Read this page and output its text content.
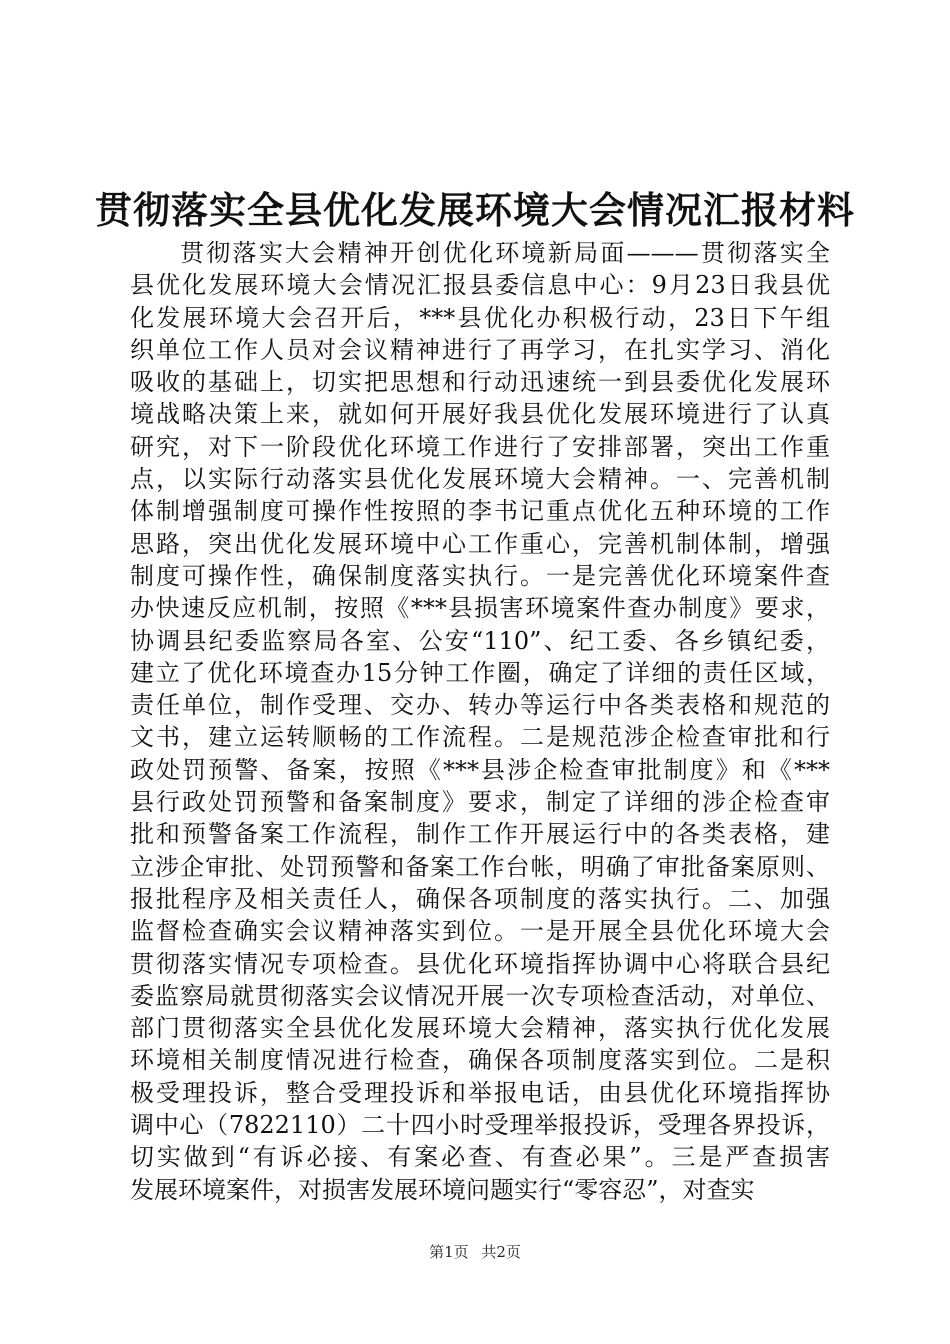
贯彻落实全县优化发展环境大会情况汇报材料
贯彻落实大会精神开创优化环境新局面———贯彻落实全
县优化发展环境大会情况汇报县委信息中心：9月23日我县优
化发展环境大会召开后，***县优化办积极行动，23日下午组
织单位工作人员对会议精神进行了再学习，在扎实学习、消化
吸收的基础上，切实把思想和行动迅速统一到县委优化发展环
境战略决策上来，就如何开展好我县优化发展环境进行了认真
研究，对下一阶段优化环境工作进行了安排部署，突出工作重
点，以实际行动落实县优化发展环境大会精神。一、完善机制
体制增强制度可操作性按照的李书记重点优化五种环境的工作
思路，突出优化发展环境中心工作重心，完善机制体制，增强
制度可操作性，确保制度落实执行。一是完善优化环境案件查
办快速反应机制，按照《***县损害环境案件查办制度》要求，
协调县纪委监察局各室、公安“110”、纪工委、各乡镇纪委，
建立了优化环境查办15分钟工作圈，确定了详细的责任区域，
责任单位，制作受理、交办、转办等运行中各类表格和规范的
文书，建立运转顺畅的工作流程。二是规范涉企检查审批和行
政处罚预警、备案，按照《***县涉企检查审批制度》和《***
县行政处罚预警和备案制度》要求，制定了详细的涉企检查审
批和预警备案工作流程，制作工作开展运行中的各类表格，建
立涉企审批、处罚预警和备案工作台帐，明确了审批备案原则、
报批程序及相关责任人，确保各项制度的落实执行。二、加强
监督检查确实会议精神落实到位。一是开展全县优化环境大会
贯彻落实情况专项检查。县优化环境指挥协调中心将联合县纪
委监察局就贯彻落实会议情况开展一次专项检查活动，对单位、
部门贯彻落实全县优化发展环境大会精神，落实执行优化发展
环境相关制度情况进行检查，确保各项制度落实到位。二是积
极受理投诉，整合受理投诉和举报电话，由县优化环境指挥协
调中心（7822110）二十四小时受理举报投诉，受理各界投诉，
切实做到“有诉必接、有案必查、有查必果”。三是严查损害
发展环境案件，对损害发展环境问题实行“零容忍”，对查实
第1页 共2页
